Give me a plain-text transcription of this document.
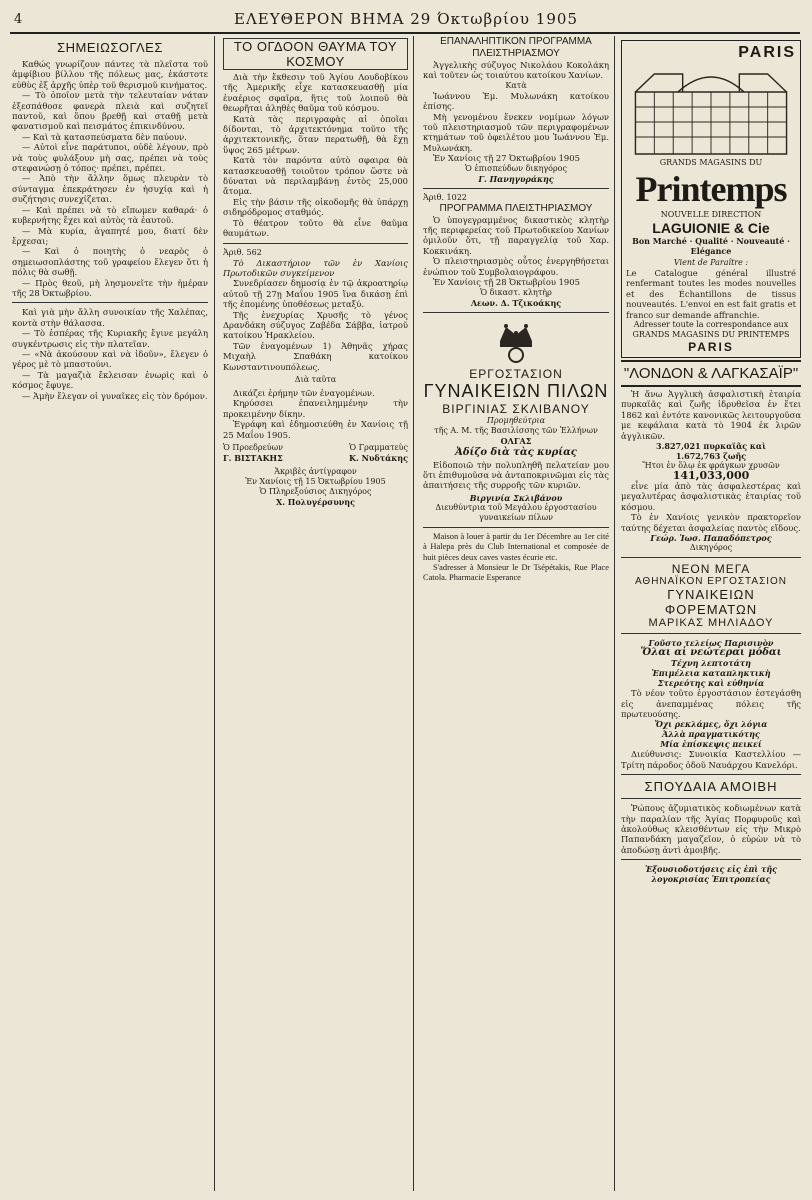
4	ΕΛΕΥΘΕΡΟΝ ΒΗΜΑ 29 Όκτωβρίου 1905
ΣΗΜΕΙΩΣΟΓΛΕΣ

Καθώς γνωρίζουν πάντες τὰ πλεῖστα τοῦ ἀμφίβιου βίλλου τῆς πόλεως μας, ἑκάστοτε εὐθὺς ἐξ ἀρχῆς ὑπὲρ τοῦ θερισμοῦ κινήματος.

— Τὸ ὁποῖον μετὰ τὴν τελευταίαν νάταν ἐξεσπάθοσε φανερὰ πλειὰ καὶ συζητεῖ παντοῦ, καὶ ὅπου βρεθῇ καὶ σταθῇ μετὰ φανατισμοῦ καὶ πεισμάτος ἐπικινδύνου.

— Καὶ τὰ κατασπεύσματα δὲν παύουν.

— Αὐτοὶ εἶνε παράτυποι, οὐδὲ λέγουν, πρὸ νὰ τοὺς φυλάξουν μὴ σας, πρέπει νὰ τοὺς στεφανώσῃ ὁ τόπος· πρέπει, πρέπει.

— Ἀπὸ τὴν ἄλλην ὅμως πλευρὰν τὸ σύνταγμα ἐπεκράτησεν ἐν ἡσυχίᾳ καὶ ἡ συζήτησις συνεχίζεται.

— Καὶ πρέπει νὰ τὸ εἴπωμεν καθαρά· ὁ κυβερνήτης ἔχει καὶ αὐτὸς τὰ ἑαυτοῦ.

— Μὰ κυρία, ἀγαπητέ μου, διατί δὲν ἔρχεσαι;

— Καὶ ὁ ποιητὴς ὁ νεαρὸς ὁ σημειωσοπλάστης τοῦ γραφείου ἔλεγεν ὅτι ἡ πόλις θὰ σωθῇ.

— Πρὸς θεοῦ, μὴ λησμονεῖτε τὴν ἡμέραν τῆς 28 Ὀκτωβρίου.

Καὶ γιὰ μὴν ἄλλη συνοικίαν τῆς Χαλέπας, κοντὰ στὴν θάλασσα.

— Τὸ ἑσπέρας τῆς Κυριακῆς ἔγινε μεγάλη συγκέντρωσις εἰς τὴν πλατεῖαν.

— «Νὰ ἀκούσουν καὶ νὰ ἰδοῦν», ἔλεγεν ὁ γέρος μὲ τὸ μπαστούνι.

— Τὰ μαγαζιὰ ἔκλεισαν ἐνωρὶς καὶ ὁ κόσμος ἔφυγε.

— Ἀμὴν ἔλεγαν οἱ γυναῖκες εἰς τὸν δρόμον.

ΤΟ ΟΓΔΟΟΝ ΘΑΥΜΑ ΤΟΥ ΚΟΣΜΟΥ

Διὰ τὴν ἔκθεσιν τοῦ Ἁγίου Λουδοβίκου τῆς Ἀμερικῆς εἶχε κατασκευασθῇ μία ἐναέριος σφαῖρα, ἥτις τοῦ λοιποῦ θὰ θεωρῆται ἀληθὲς θαῦμα τοῦ κόσμου.

Κατὰ τὰς περιγραφὰς αἱ ὁποῖαι δίδονται, τὸ ἀρχιτεκτόνημα τοῦτο τῆς ἀρχιτεκτονικῆς, ὅταν περατωθῇ, θὰ ἔχῃ ὕψος 265 μέτρων.

Κατὰ τὸν παρόντα αὐτὸ σφαιρα θὰ κατασκευασθῇ τοιοῦτον τρόπον ὥστε νὰ δύναται νὰ περιλαμβάνῃ ἐντὸς 25,000 ἄτομα.

Εἰς τὴν βάσιν τῆς οἰκοδομῆς θὰ ὑπάρχῃ σιδηρόδρομος σταθμός.

Τὸ θέατρον τοῦτο θὰ εἶνε θαῦμα θαυμάτων.

Ἀριθ. 562

Τὸ Δικαστήριον τῶν ἐν Χανίοις Πρωτοδικῶν συγκείμενον

Συνεδρίασεν δημοσίᾳ ἐν τῷ ἀκροατηρίῳ αὐτοῦ τῇ 27ῃ Μαΐου 1905 ἵνα δικάσῃ ἐπὶ τῆς ἑπομένης ὑποθέσεως μεταξύ.

Τῆς ἐνεχυρίας Χρυσῆς τὸ γένος Δρανδάκη σύζυγος Ζαβέδα Σάββα, ἰατροῦ κατοίκου Ἡρακλείου.

Τῶν ἐναγομένων 1) Ἀθηνᾶς χήρας Μιχαὴλ Σπαθάκη κατοίκου Κωνσταντινουπόλεως.

Διὰ ταῦτα

Δικάζει ἐρήμην τῶν ἐναγομένων.

Κηρύσσει ἐπανειλημμένην τὴν προκειμένην δίκην.

Ἐγράφη καὶ ἐδημοσιεύθη ἐν Χανίοις τῇ 25 Μαΐου 1905.

Ὁ Προεδρεύων	Ὁ Γραμματεὺς
Γ. ΒΙΣΤΑΚΗΣ	Κ. Νυδτάκης

Ἀκριβὲς ἀντίγραφον

Ἐν Χανίοις τῇ 15 Ὀκτωβρίου 1905

Ὁ Πληρεξούσιος Δικηγόρος

Χ. Πολυγέρσυνης

ΕΠΑΝΑΛΗΠΤΙΚΟΝ ΠΡΟΓΡΑΜΜΑ ΠΛΕΙΣΤΗΡΙΑΣΜΟΥ

Ἀγγελικὴς σύζυγος Νικολάου Κοκολάκη καὶ τοῦτεν ὡς τοιαύτου κατοίκου Χανίων.

Κατὰ

Ἰωάννου Ἐμ. Μυλωνάκη κατοίκου ἐπίσης.

Μὴ γενομένου ἕνεκεν νομίμων λόγων τοῦ πλειστηριασμοῦ τῶν περιγραφομένων κτημάτων τοῦ ὀφειλέτου μου Ἰωάννου Ἐμ. Μυλωνάκη.

Ἐν Χανίοις τῇ 27 Ὀκτωβρίου 1905

Ὁ ἐπισπεύδων δικηγόρος

Γ. Πανηγυράκης

Ἀριθ. 1022

ΠΡΟΓΡΑΜΜΑ ΠΛΕΙΣΤΗΡΙΑΣΜΟΥ

Ὁ ὑπογεγραμμένος δικαστικὸς κλητὴρ τῆς περιφερείας τοῦ Πρωτοδικείου Χανίων ὁμιλοῦν ὅτι, τῇ παραγγελίᾳ τοῦ Χαρ. Κοκκινάκη.

Ὁ πλειστηριασμὸς οὗτος ἐνεργηθήσεται ἐνώπιον τοῦ Συμβολαιογράφου.

Ἐν Χανίοις τῇ 28 Ὀκτωβρίου 1905

Ὁ δικαστ. κλητὴρ

Λεων. Δ. Τζικοάκης

ΕΡΓΟΣΤΑΣΙΟΝ

ΓΥΝΑΙΚΕΙΩΝ ΠΙΛΩΝ

ΒΙΡΓΙΝΙΑΣ ΣΚΛΙΒΑΝΟΥ

Προμηθεύτρια

τῆς Α. Μ. τῆς Βασιλίσσης τῶν Ἑλλήνων

ΟΛΓΑΣ

Ἀδίζο διὰ τὰς κυρίας

Εἰδοποιῶ τὴν πολυπληθῆ πελατείαν μου ὅτι ἐπιθυμοῦσα νὰ ἀνταποκρινῶμαι εἰς τὰς ἀπαιτήσεις τῆς συρροῆς τῶν κυριῶν.

Βιργινία Σκλιβάνου

Διευθύντρια τοῦ Μεγάλου ἐργοστασίου γυναικείων πίλων

Maison à louer à partir du 1er Décembre au 1er cité à Halepa près du Club International et composée de huit pièces deux caves vastes écurie etc.

S'adresser à Monsieur le Dr Tsépétakis, Rue Place Catola. Pharmacie Esperance

PARIS

GRANDS MAGASINS DU

Printemps

NOUVELLE DIRECTION

LAGUIONIE & Cie

Bon Marché · Qualité · Nouveauté · Elégance

Vient de Paraître :

Le Catalogue général illustré renfermant toutes les modes nouvelles et des Échantillons de tissus nouveautés. L'envoi en est fait gratis et franco sur demande affranchie.

Adresser toute la correspondance aux GRANDS MAGASINS DU PRINTEMPS

PARIS

"ΛΟΝΔΟΝ & ΛΑΓΚΑΣΑΪΡ"

Ἡ ἄνω Ἀγγλικὴ ἀσφαλιστικὴ ἑταιρία πυρκαϊᾶς καὶ ζωῆς ἱδρυθεῖσα ἐν ἔτει 1862 καὶ ἐντότε κανονικῶς λειτουργοῦσα με κεφάλαια κατὰ τὸ 1904 ἐκ λιρῶν ἀγγλικῶν.

3.827,021 πυρκαϊᾶς καὶ

1.672,763 ζωῆς

Ἤτοι ἐν ὅλῳ ἐκ φράγκων χρυσῶν

141,033,000

εἶνε μία ἀπὸ τὰς ἀσφαλεστέρας καὶ μεγαλυτέρας ἀσφαλιστικὰς ἑταιρίας τοῦ κόσμου.

Τὸ ἐν Χανίοις γενικὸν πρακτορεῖον ταύτης δέχεται ἀσφαλείας παντὸς εἴδους.

Γεώρ. Ἰωσ. Παπαδόπετρος

Δικηγόρος

ΝΕΟΝ ΜΕΓΑ

ΑΘΗΝΑΪΚΟΝ ΕΡΓΟΣΤΑΣΙΟΝ

ΓΥΝΑΙΚΕΙΩΝ ΦΟΡΕΜΑΤΩΝ

ΜΑΡΙΚΑΣ ΜΗΛΙΑΔΟΥ

Γοῦστο τελείως Παρισινὸν

Ὅλαι αἱ νεώτεραι μόδαι

Τέχνη λεπτοτάτη

Ἐπιμέλεια καταπληκτικὴ

Στερεότης καὶ εὐθηνία

Τὸ νέον τοῦτο ἐργοστάσιον ἐστεγάσθη εἰς ἀνεπαμμένας πόλεις τῆς πρωτευούσης.

Ὄχι ρεκλάμες, ὄχι λόγια

Ἀλλὰ πραγματικότης

Μία ἐπίσκεψις πεικεί

Διεύθυνσις: Συνοικία Καστελλίου — Τρίτη πάροδος ὁδοῦ Ναυάρχου Κανελόρι.

ΣΠΟΥΔΑΙΑ ΑΜΟΙΒΗ

Ῥώπους ἀζυμιατικὸς κοδιωμένων κατὰ τὴν παραλίαν τῆς Ἁγίας Πορφυροῦς καὶ ἀκολούθως κλεισθέντων εἰς τὴν Μικρὸ Παπανδάκη μαγαζεῖον, ὁ εὑρὼν νὰ τὸ ἀποδώσῃ ἀντὶ ἀμοιβῆς.

Ἐξουσιοδοτήσεις εἰς ἐπὶ τῆς λογοκρισίας Ἐπιτροπείας
